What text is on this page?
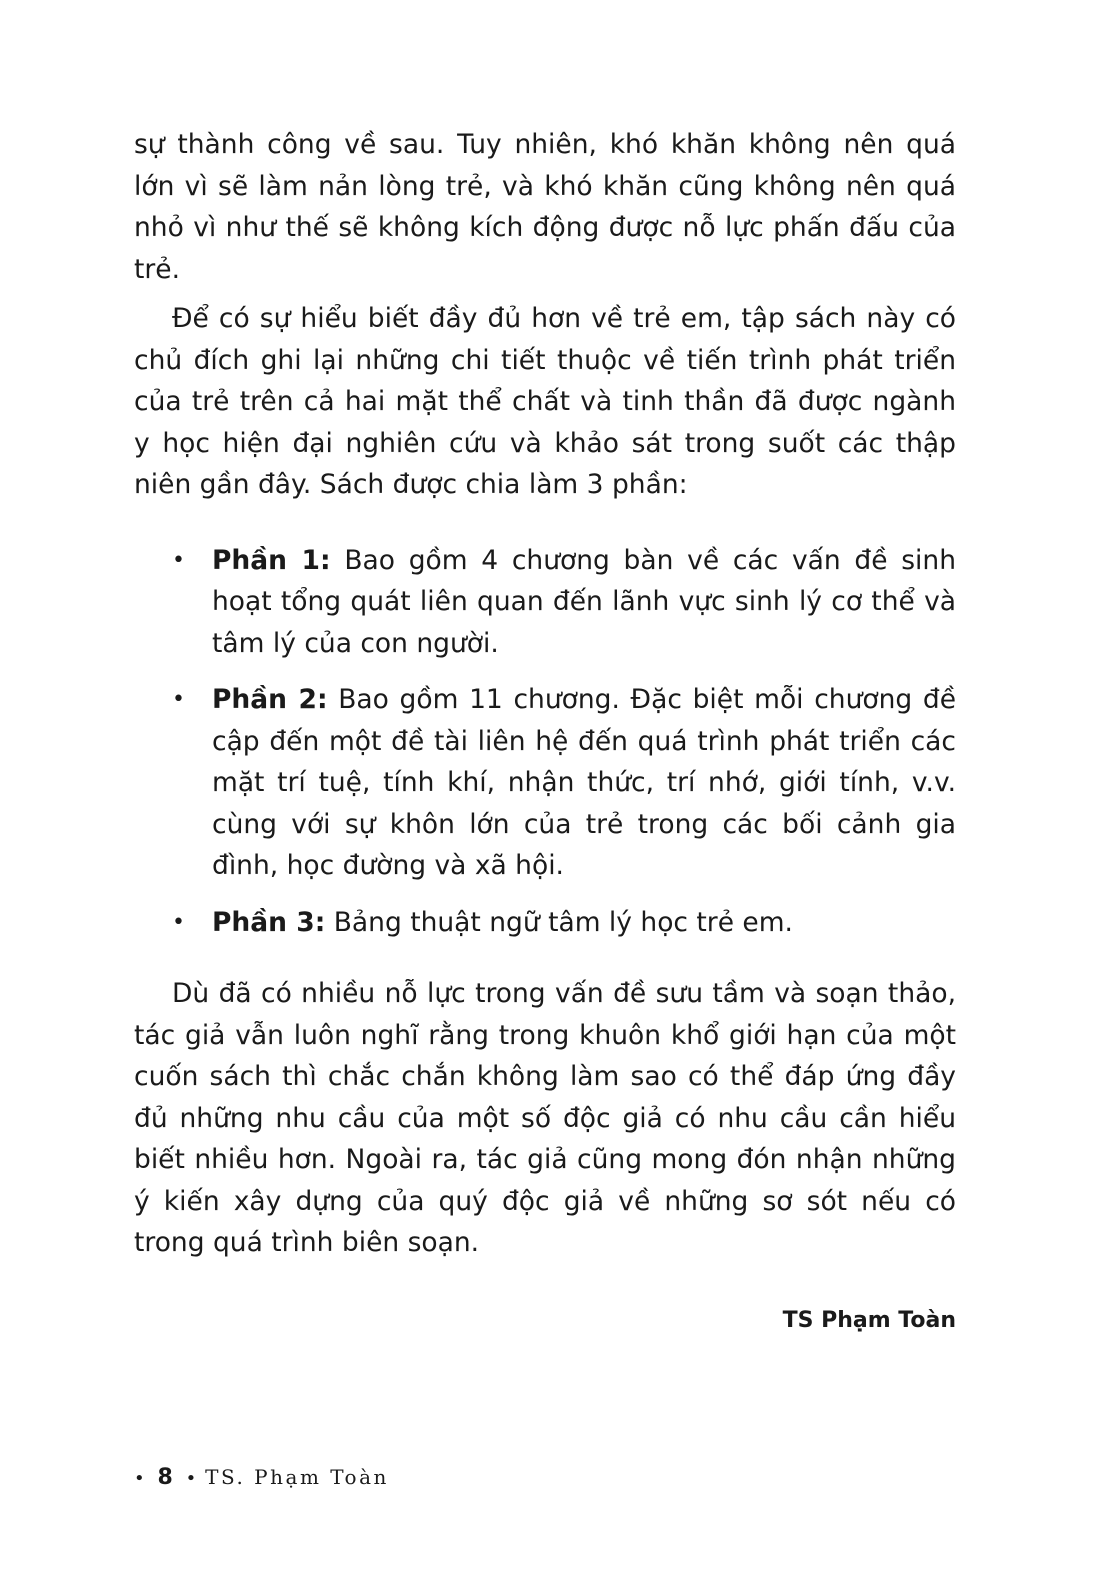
sự thành công về sau. Tuy nhiên, khó khăn không nên quá lớn vì sẽ làm nản lòng trẻ, và khó khăn cũng không nên quá nhỏ vì như thế sẽ không kích động được nỗ lực phấn đấu của trẻ.

Để có sự hiểu biết đầy đủ hơn về trẻ em, tập sách này có chủ đích ghi lại những chi tiết thuộc về tiến trình phát triển của trẻ trên cả hai mặt thể chất và tinh thần đã được ngành y học hiện đại nghiên cứu và khảo sát trong suốt các thập niên gần đây. Sách được chia làm 3 phần:

• Phần 1: Bao gồm 4 chương bàn về các vấn đề sinh hoạt tổng quát liên quan đến lãnh vực sinh lý cơ thể và tâm lý của con người.
• Phần 2: Bao gồm 11 chương. Đặc biệt mỗi chương đề cập đến một đề tài liên hệ đến quá trình phát triển các mặt trí tuệ, tính khí, nhận thức, trí nhớ, giới tính, v.v. cùng với sự khôn lớn của trẻ trong các bối cảnh gia đình, học đường và xã hội.
• Phần 3: Bảng thuật ngữ tâm lý học trẻ em.

Dù đã có nhiều nỗ lực trong vấn đề sưu tầm và soạn thảo, tác giả vẫn luôn nghĩ rằng trong khuôn khổ giới hạn của một cuốn sách thì chắc chắn không làm sao có thể đáp ứng đầy đủ những nhu cầu của một số độc giả có nhu cầu cần hiểu biết nhiều hơn. Ngoài ra, tác giả cũng mong đón nhận những ý kiến xây dựng của quý độc giả về những sơ sót nếu có trong quá trình biên soạn.

TS Phạm Toàn
• 8 • TS. Phạm Toàn
